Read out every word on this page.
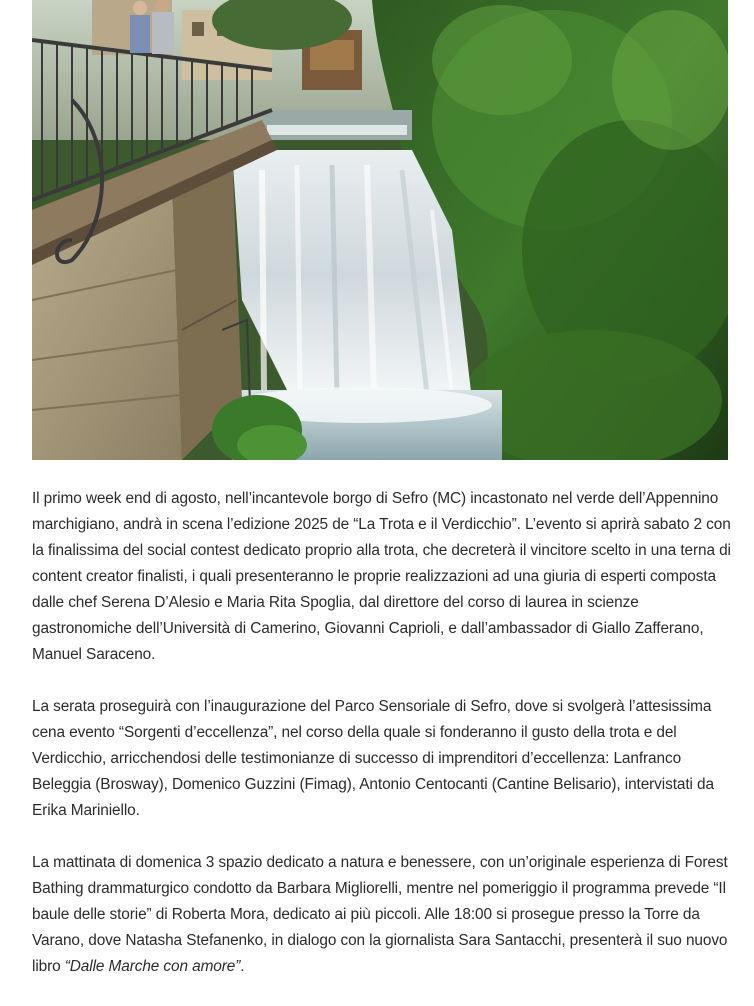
Il primo week end di agosto, nell’incantevole borgo di Sefro (MC) incastonato nel verde dell’Appennino marchigiano, andrà in scena l’edizione 2025 de “La Trota e il Verdicchio”. L’evento si aprirà sabato 2 con la finalissima del social contest dedicato proprio alla trota, che decreterà il vincitore scelto in una terna di content creator finalisti, i quali presenteranno le proprie realizzazioni ad una giuria di esperti composta dalle chef Serena D’Alesio e Maria Rita Spoglia, dal direttore del corso di laurea in scienze gastronomiche dell’Università di Camerino, Giovanni Caprioli, e dall’ambassador di Giallo Zafferano, Manuel Saraceno.

La serata proseguirà con l’inaugurazione del Parco Sensoriale di Sefro, dove si svolgerà l’attesissima cena evento “Sorgenti d’eccellenza”, nel corso della quale si fonderanno il gusto della trota e del Verdicchio, arricchendosi delle testimonianze di successo di imprenditori d’eccellenza: Lanfranco Beleggia (Brosway), Domenico Guzzini (Fimag), Antonio Centocanti (Cantine Belisario), intervistati da Erika Mariniello.

La mattinata di domenica 3 spazio dedicato a natura e benessere, con un’originale esperienza di Forest Bathing drammaturgico condotto da Barbara Migliorelli, mentre nel pomeriggio il programma prevede “Il baule delle storie” di Roberta Mora, dedicato ai più piccoli. Alle 18:00 si prosegue presso la Torre da Varano, dove Natasha Stefanenko, in dialogo con la giornalista Sara Santacchi, presenterà il suo nuovo libro “Dalle Marche con amore”.
